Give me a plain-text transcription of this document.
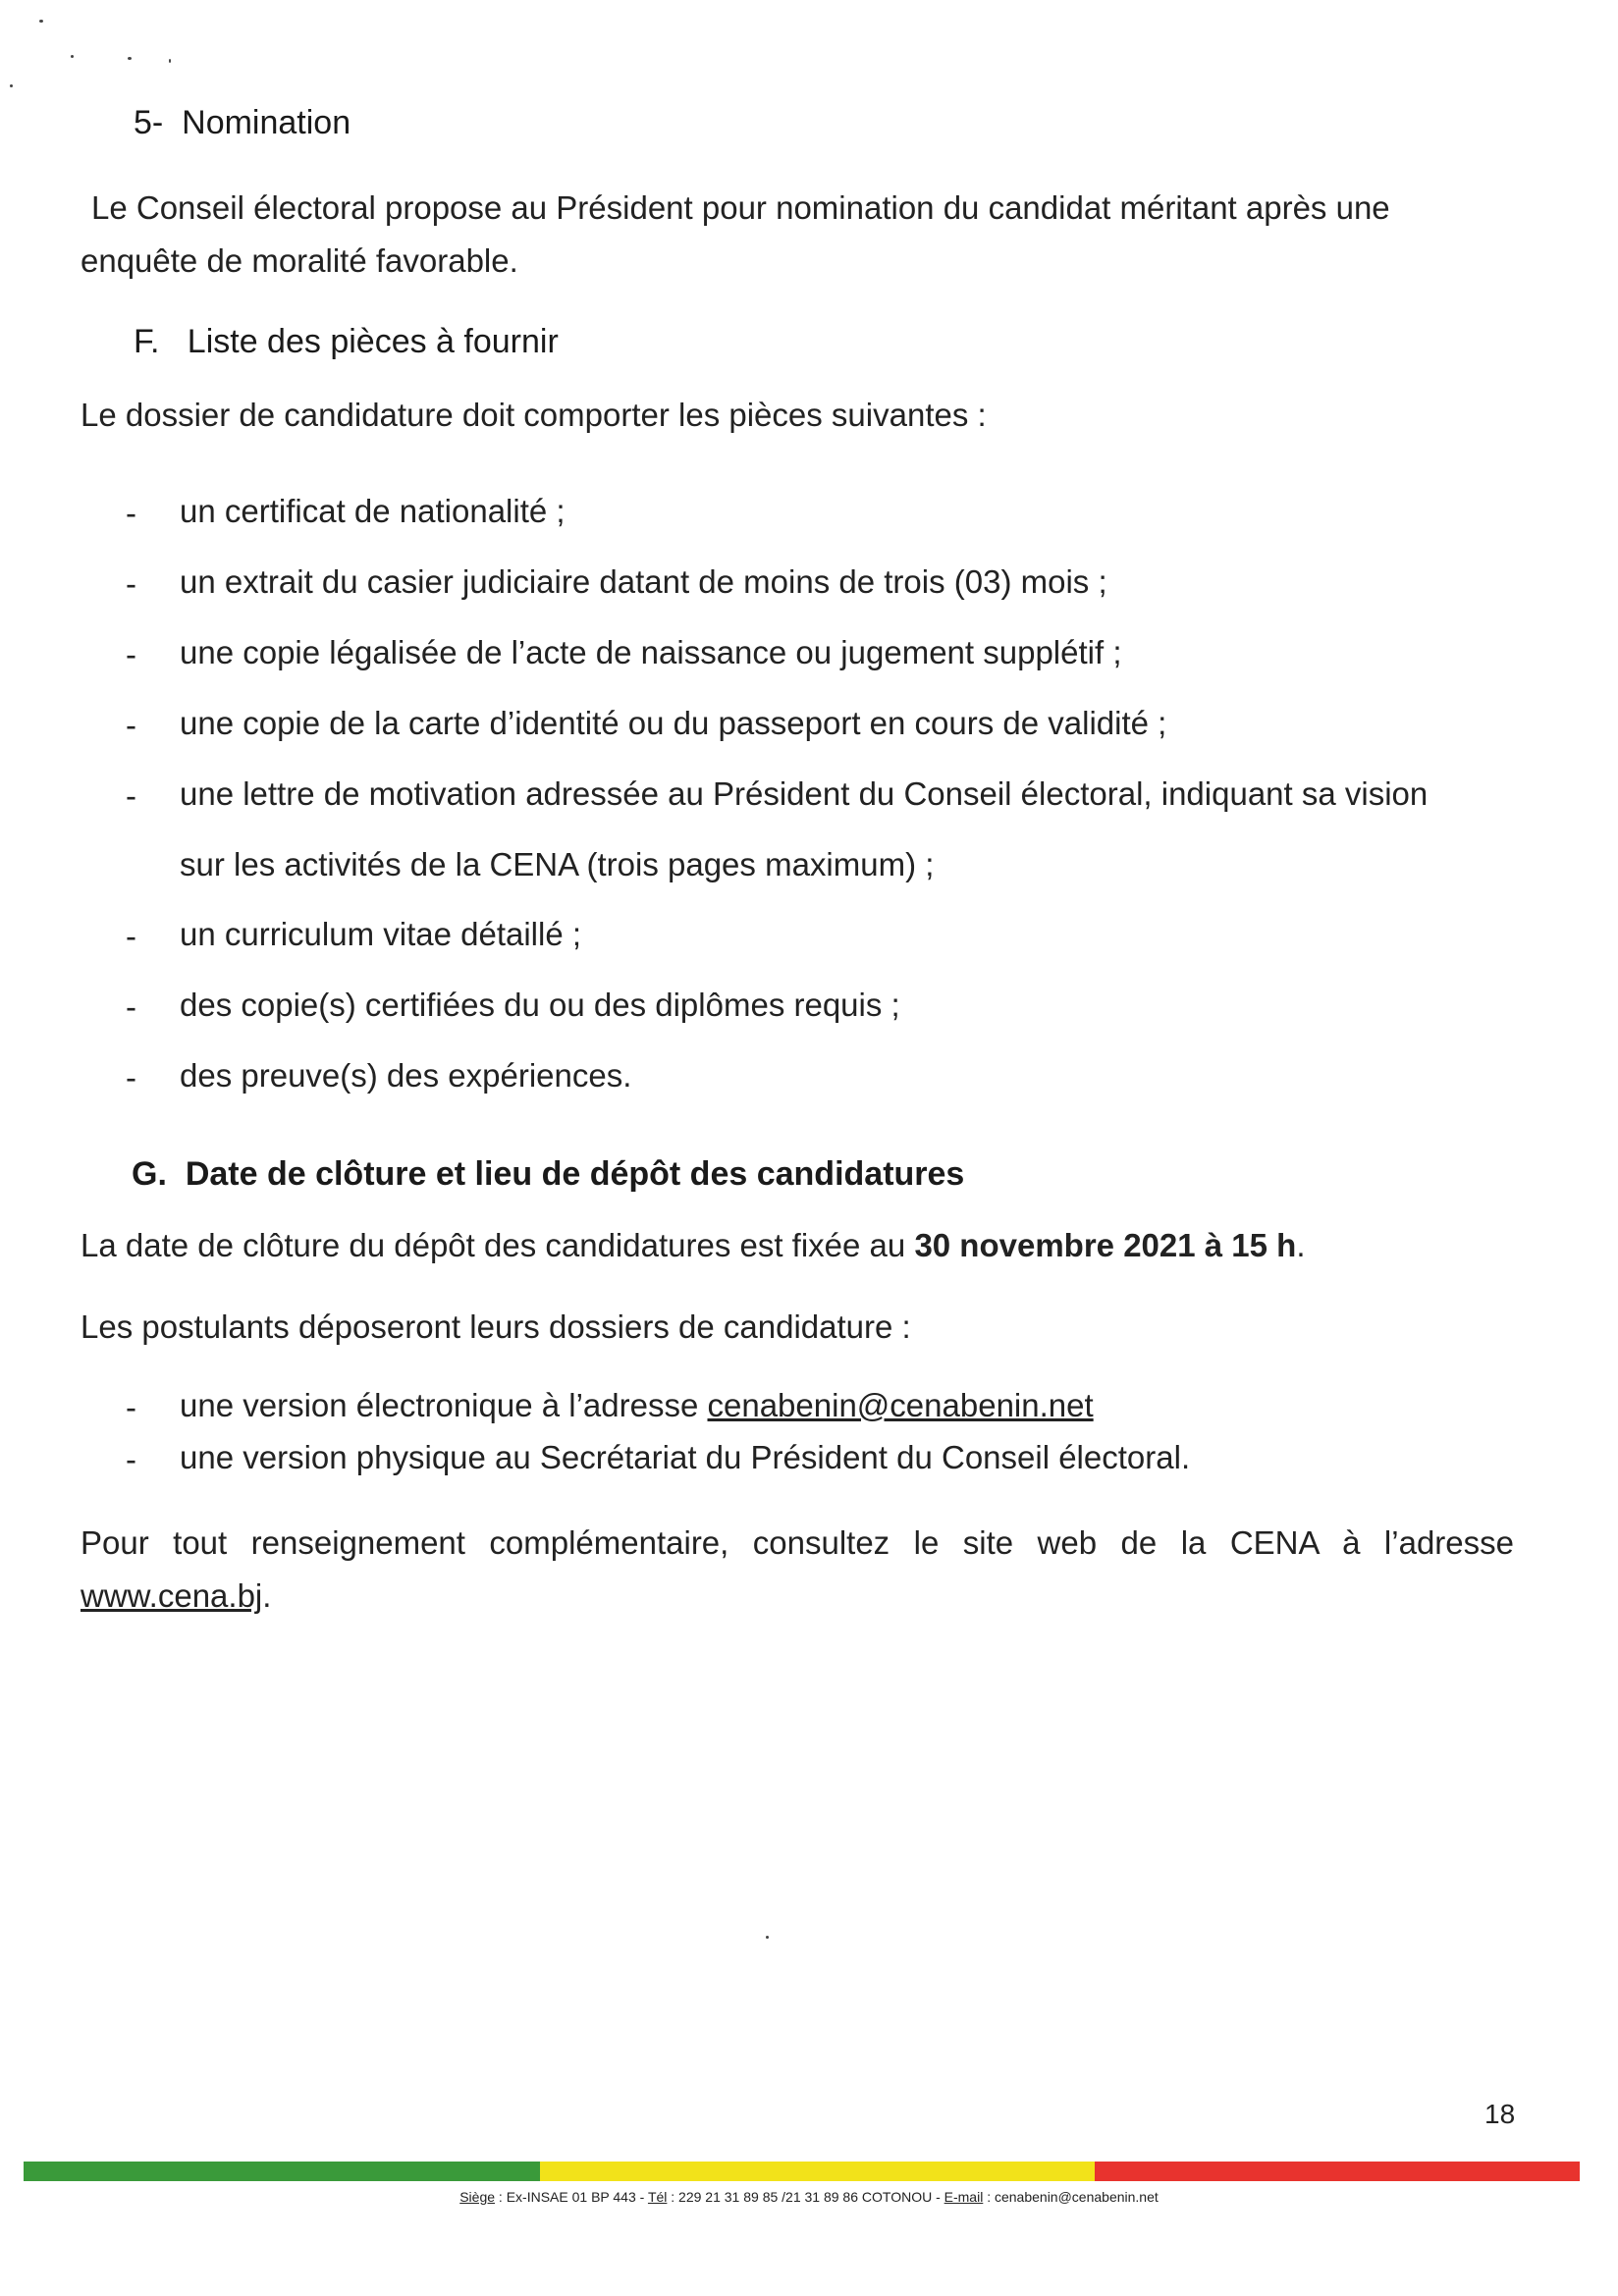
5- Nomination
Le Conseil électoral propose au Président pour nomination du candidat méritant après une
enquête de moralité favorable.
F. Liste des pièces à fournir
Le dossier de candidature doit comporter les pièces suivantes :
- un certificat de nationalité ;
- un extrait du casier judiciaire datant de moins de trois (03) mois ;
- une copie légalisée de l’acte de naissance ou jugement supplétif ;
- une copie de la carte d’identité ou du passeport en cours de validité ;
- une lettre de motivation adressée au Président du Conseil électoral, indiquant sa vision
sur les activités de la CENA (trois pages maximum) ;
- un curriculum vitae détaillé ;
- des copie(s) certifiées du ou des diplômes requis ;
- des preuve(s) des expériences.
G. Date de clôture et lieu de dépôt des candidatures
La date de clôture du dépôt des candidatures est fixée au 30 novembre 2021 à 15 h.
Les postulants déposeront leurs dossiers de candidature :
- une version électronique à l’adresse cenabenin@cenabenin.net
- une version physique au Secrétariat du Président du Conseil électoral.
Pour tout renseignement complémentaire, consultez le site web de la CENA à l’adresse www.cena.bj.
18
Siège : Ex-INSAE 01 BP 443 - Tél : 229 21 31 89 85 /21 31 89 86 COTONOU - E-mail : cenabenin@cenabenin.net
